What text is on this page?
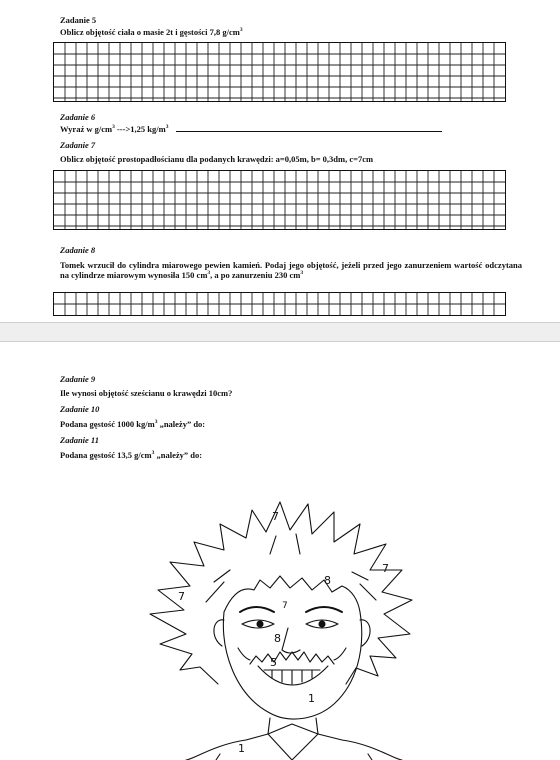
Zadanie 5
Oblicz objętość ciała o masie 2t i gęstości 7,8 $g/cm^3$
Zadanie 6
Wyraź w $g/cm^3$ --->1,25 $kg/m^3$
Zadanie 7
Oblicz objętość prostopadłościanu dla podanych krawędzi: a=0,05m, b= 0,3dm, c=7cm
Zadanie 8
Tomek wrzucił do cylindra miarowego pewien kamień. Podaj jego objętość, jeżeli przed jego zanurzeniem wartość odczytana na cylindrze miarowym wynosiła 150 $cm^3$, a po zanurzeniu 230 $cm^3$
Zadanie 9
Ile wynosi objętość sześcianu o krawędzi 10cm?
Zadanie 10
Podana gęstość 1000 $kg/m^3$ „należy” do:
Zadanie 11
Podana gęstość 13,5 $g/cm^3$ „należy” do:
7
7
7
8
7
8
5
1
1
